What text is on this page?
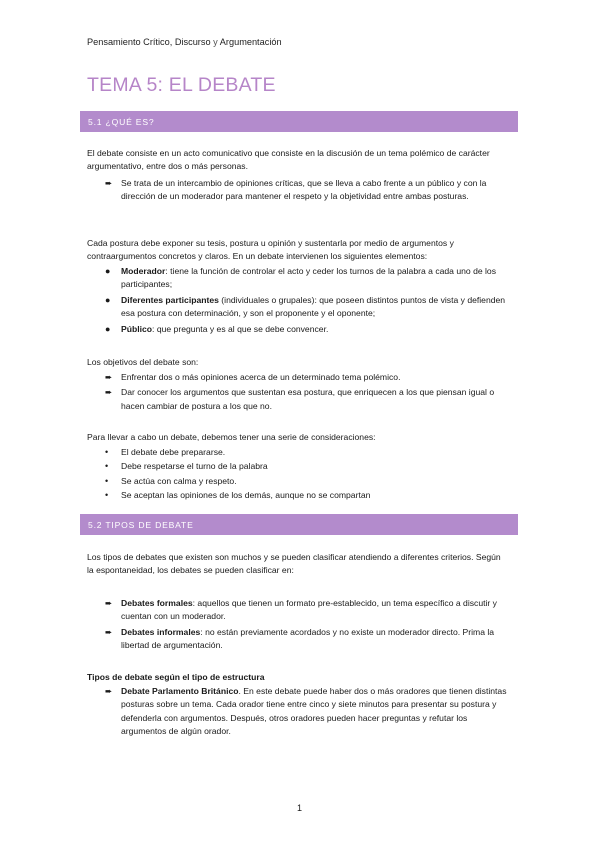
Pensamiento Crítico, Discurso y Argumentación
TEMA 5: EL DEBATE
5.1 ¿QUÉ ES?

El debate consiste en un acto comunicativo que consiste en la discusión de un tema polémico de carácter argumentativo, entre dos o más personas.

➨	Se trata de un intercambio de opiniones críticas, que se lleva a cabo frente a un público y con la dirección de un moderador para mantener el respeto y la objetividad entre ambas posturas.

Cada postura debe exponer su tesis, postura u opinión y sustentarla por medio de argumentos y contraargumentos concretos y claros. En un debate intervienen los siguientes elementos:

●	Moderador: tiene la función de controlar el acto y ceder los turnos de la palabra a cada uno de los participantes;
●	Diferentes participantes (individuales o grupales): que poseen distintos puntos de vista y defienden esa postura con determinación, y son el proponente y el oponente;
●	Público: que pregunta y es al que se debe convencer.

Los objetivos del debate son:

➨	Enfrentar dos o más opiniones acerca de un determinado tema polémico.
➨	Dar conocer los argumentos que sustentan esa postura, que enriquecen a los que piensan igual o hacen cambiar de postura a los que no.

Para llevar a cabo un debate, debemos tener una serie de consideraciones:

•	El debate debe prepararse.
•	Debe respetarse el turno de la palabra
•	Se actúa con calma y respeto.
•	Se aceptan las opiniones de los demás, aunque no se compartan
5.2 TIPOS DE DEBATE

Los tipos de debates que existen son muchos y se pueden clasificar atendiendo a diferentes criterios. Según la espontaneidad, los debates se pueden clasificar en:

➨	Debates formales: aquellos que tienen un formato pre-establecido, un tema específico a discutir y cuentan con un moderador.
➨	Debates informales: no están previamente acordados y no existe un moderador directo. Prima la libertad de argumentación.

Tipos de debate según el tipo de estructura

➨	Debate Parlamento Británico. En este debate puede haber dos o más oradores que tienen distintas posturas sobre un tema. Cada orador tiene entre cinco y siete minutos para presentar su postura y defenderla con argumentos. Después, otros oradores pueden hacer preguntas y refutar los argumentos de algún orador.
1
